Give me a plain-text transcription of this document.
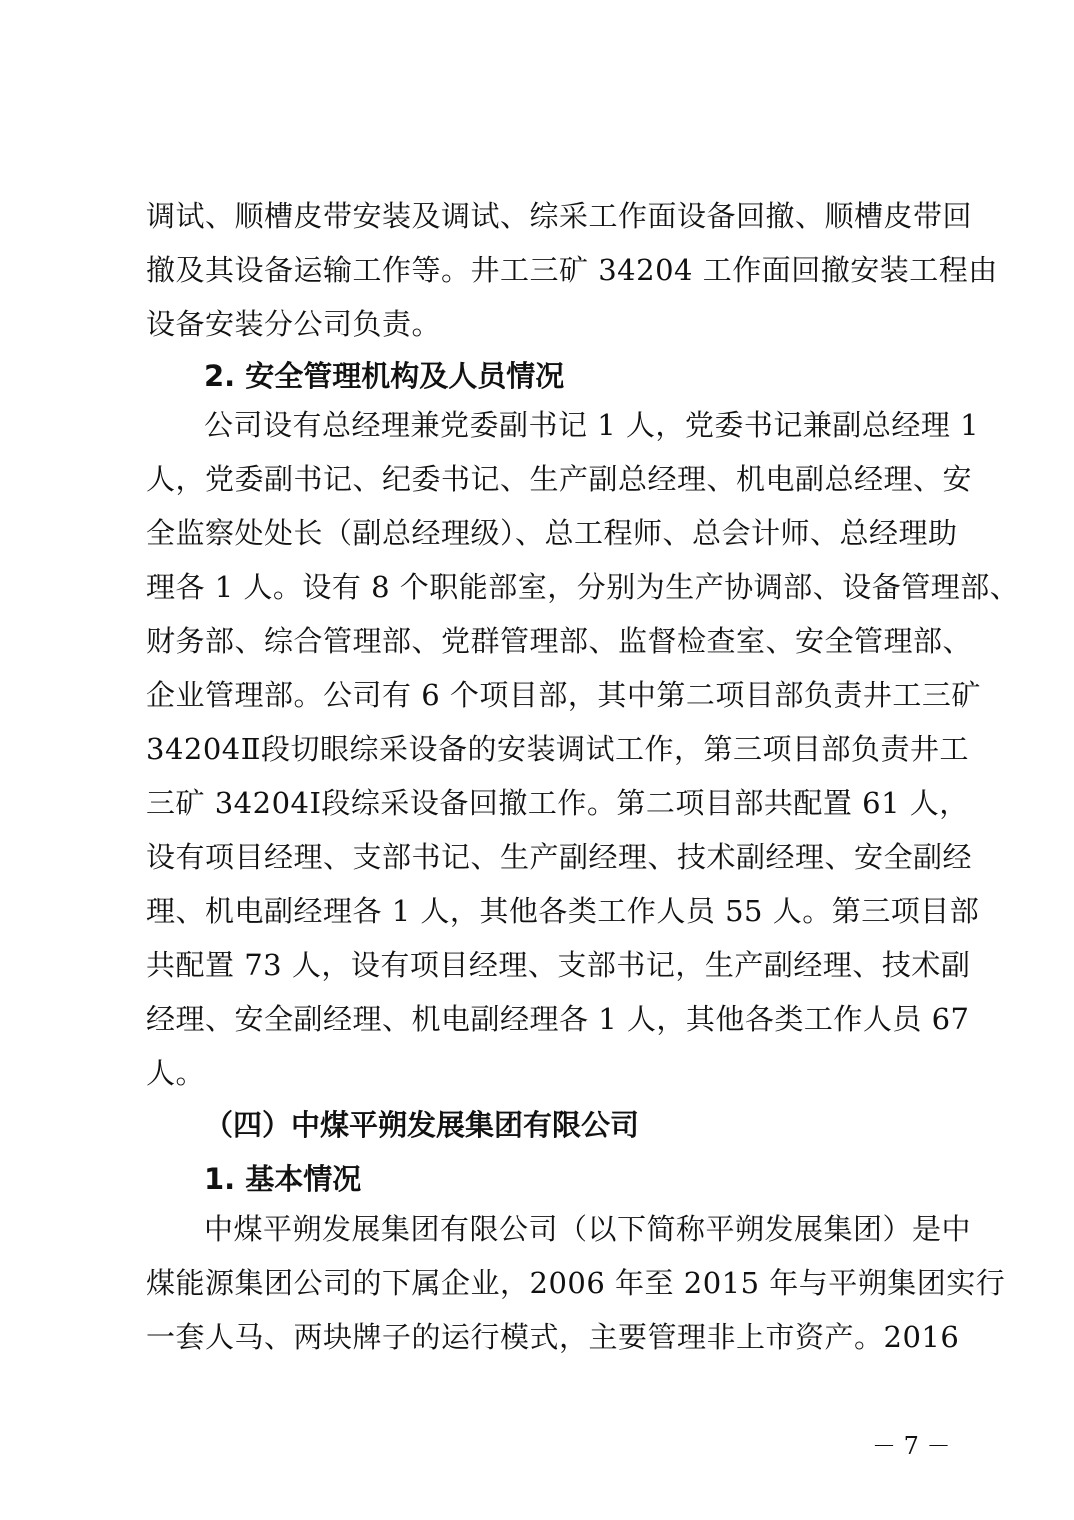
调试、顺槽皮带安装及调试、综采工作面设备回撤、顺槽皮带回
撤及其设备运输工作等。井工三矿 34204 工作面回撤安装工程由
设备安装分公司负责。
2. 安全管理机构及人员情况
公司设有总经理兼党委副书记 1 人，党委书记兼副总经理 1
人，党委副书记、纪委书记、生产副总经理、机电副总经理、安
全监察处处长（副总经理级）、总工程师、总会计师、总经理助
理各 1 人。设有 8 个职能部室，分别为生产协调部、设备管理部、
财务部、综合管理部、党群管理部、监督检查室、安全管理部、
企业管理部。公司有 6 个项目部，其中第二项目部负责井工三矿
34204Ⅱ段切眼综采设备的安装调试工作，第三项目部负责井工
三矿 34204Ⅰ段综采设备回撤工作。第二项目部共配置 61 人，
设有项目经理、支部书记、生产副经理、技术副经理、安全副经
理、机电副经理各 1 人，其他各类工作人员 55 人。第三项目部
共配置 73 人，设有项目经理、支部书记，生产副经理、技术副
经理、安全副经理、机电副经理各 1 人，其他各类工作人员 67
人。
（四）中煤平朔发展集团有限公司
1. 基本情况
中煤平朔发展集团有限公司（以下简称平朔发展集团）是中
煤能源集团公司的下属企业，2006 年至 2015 年与平朔集团实行
一套人马、两块牌子的运行模式，主要管理非上市资产。2016
－ 7 －
